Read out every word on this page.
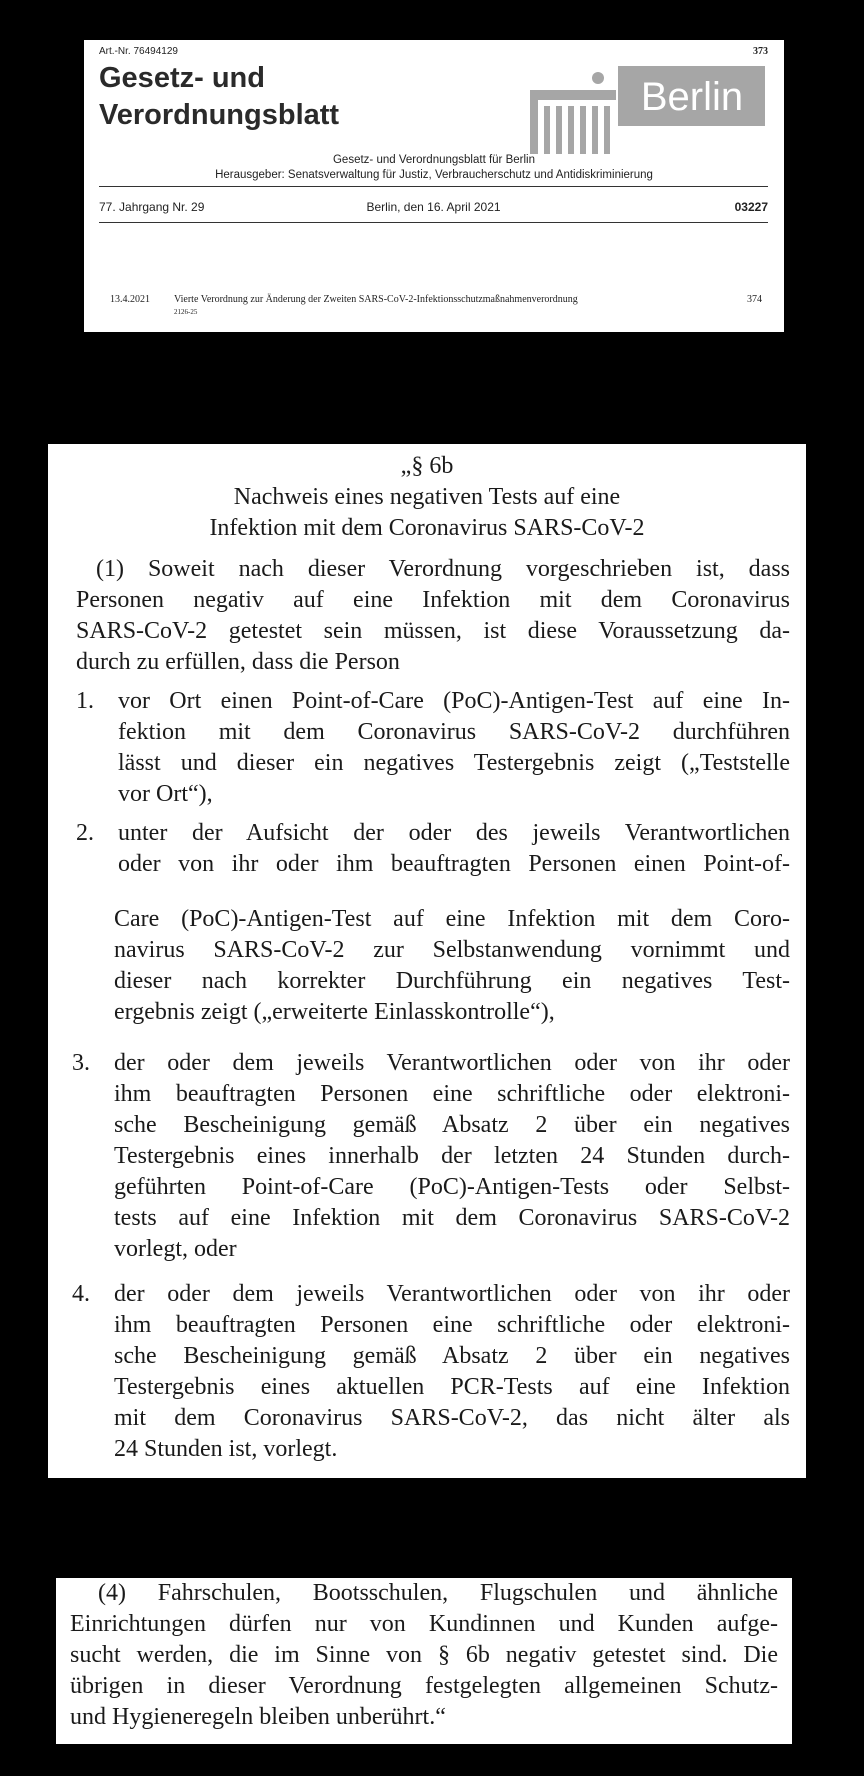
Art.-Nr. 76494129	373
Gesetz- und
Verordnungsblatt	Berlin
Gesetz- und Verordnungsblatt für Berlin
Herausgeber: Senatsverwaltung für Justiz, Verbraucherschutz und Antidiskriminierung
77. Jahrgang Nr. 29	Berlin, den 16. April 2021	03227
13.4.2021 Vierte Verordnung zur Änderung der Zweiten SARS-CoV-2-Infektionsschutzmaßnahmenverordnung
2126-25
374
„§ 6b
Nachweis eines negativen Tests auf eine
Infektion mit dem Coronavirus SARS-CoV-2
(1) Soweit nach dieser Verordnung vorgeschrieben ist, dass
Personen negativ auf eine Infektion mit dem Coronavirus
SARS-CoV-2 getestet sein müssen, ist diese Voraussetzung da-
durch zu erfüllen, dass die Person
1. vor Ort einen Point-of-Care (PoC)-Antigen-Test auf eine In-
fektion mit dem Coronavirus SARS-CoV-2 durchführen
lässt und dieser ein negatives Testergebnis zeigt („Teststelle
vor Ort“),
2. unter der Aufsicht der oder des jeweils Verantwortlichen
oder von ihr oder ihm beauftragten Personen einen Point-of-
Care (PoC)-Antigen-Test auf eine Infektion mit dem Coro-
navirus SARS-CoV-2 zur Selbstanwendung vornimmt und
dieser nach korrekter Durchführung ein negatives Test-
ergebnis zeigt („erweiterte Einlasskontrolle“),
3. der oder dem jeweils Verantwortlichen oder von ihr oder
ihm beauftragten Personen eine schriftliche oder elektroni-
sche Bescheinigung gemäß Absatz 2 über ein negatives
Testergebnis eines innerhalb der letzten 24 Stunden durch-
geführten Point-of-Care (PoC)-Antigen-Tests oder Selbst-
tests auf eine Infektion mit dem Coronavirus SARS-CoV-2
vorlegt, oder
4. der oder dem jeweils Verantwortlichen oder von ihr oder
ihm beauftragten Personen eine schriftliche oder elektroni-
sche Bescheinigung gemäß Absatz 2 über ein negatives
Testergebnis eines aktuellen PCR-Tests auf eine Infektion
mit dem Coronavirus SARS-CoV-2, das nicht älter als
24 Stunden ist, vorlegt.
(4) Fahrschulen, Bootsschulen, Flugschulen und ähnliche
Einrichtungen dürfen nur von Kundinnen und Kunden aufge-
sucht werden, die im Sinne von § 6b negativ getestet sind. Die
übrigen in dieser Verordnung festgelegten allgemeinen Schutz-
und Hygieneregeln bleiben unberührt.“
